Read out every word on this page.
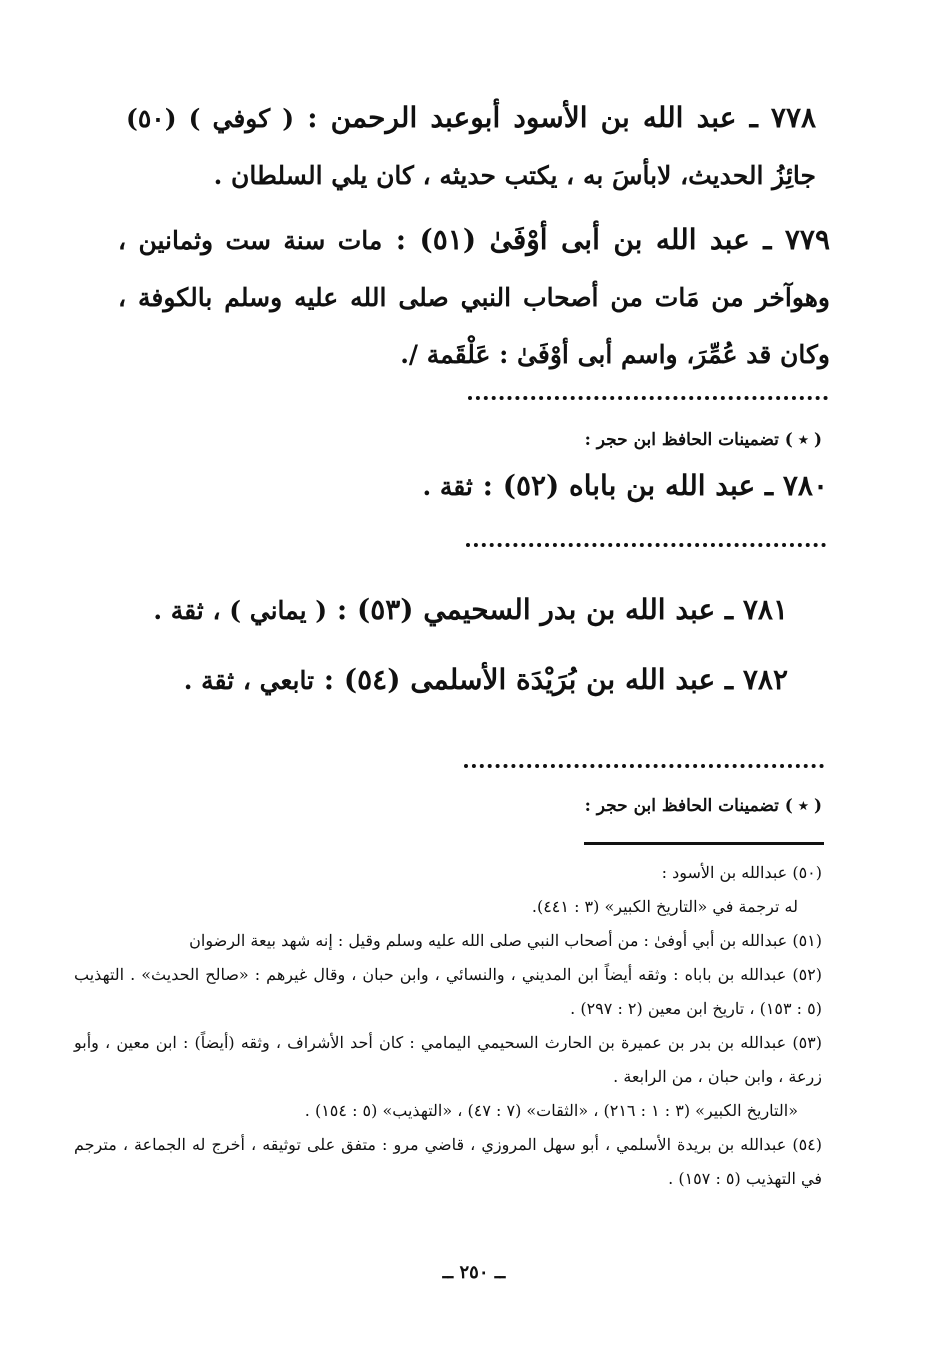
٧٧٨ ـ عبد الله بن الأسود أبوعبد الرحمن : ( كوفي ) (٥٠) جائِزُ الحديث، لابأسَ به ، يكتب حديثه ، كان يلي السلطان .
٧٧٩ ـ عبد الله بن أبى أوْفَىٰ (٥١) : مات سنة ست وثمانين ، وهوآخر من مَات من أصحاب النبي صلى الله عليه وسلم بالكوفة ، وكان قد عُمِّرَ، واسم أبى أوْفَىٰ : عَلْقَمة /.
( ٭ ) تضمينات الحافظ ابن حجر :
٧٨٠ ـ عبد الله بن باباه (٥٢) : ثقة .
٧٨١ ـ عبد الله بن بدر السحيمي (٥٣) : ( يماني ) ، ثقة .
٧٨٢ ـ عبد الله بن بُرَيْدَة الأسلمى (٥٤) : تابعي ، ثقة .
( ٭ ) تضمينات الحافظ ابن حجر :

(٥٠) عبدالله بن الأسود :

له ترجمة في «التاريخ الكبير» (٣ : ٤٤١).

(٥١) عبدالله بن أبي أوفىٰ : من أصحاب النبي صلى الله عليه وسلم وقيل : إنه شهد بيعة الرضوان

(٥٢) عبدالله بن باباه : وثقه أيضاً ابن المديني ، والنسائي ، وابن حبان ، وقال غيرهم : «صالح الحديث» . التهذيب (٥ : ١٥٣) ، تاريخ ابن معين (٢ : ٢٩٧) .

(٥٣) عبدالله بن بدر بن عميرة بن الحارث السحيمي اليمامي : كان أحد الأشراف ، وثقه (أيضاً) : ابن معين ، وأبو زرعة ، وابن حبان ، من الرابعة .

«التاريخ الكبير» (٣ : ١ : ٢١٦) ، «الثقات» (٧ : ٤٧) ، «التهذيب» (٥ : ١٥٤) .

(٥٤) عبدالله بن بريدة الأسلمي ، أبو سهل المروزي ، قاضي مرو : متفق على توثيقه ، أخرج له الجماعة ، مترجم في التهذيب (٥ : ١٥٧) .

ــ ٢٥٠ ــ
